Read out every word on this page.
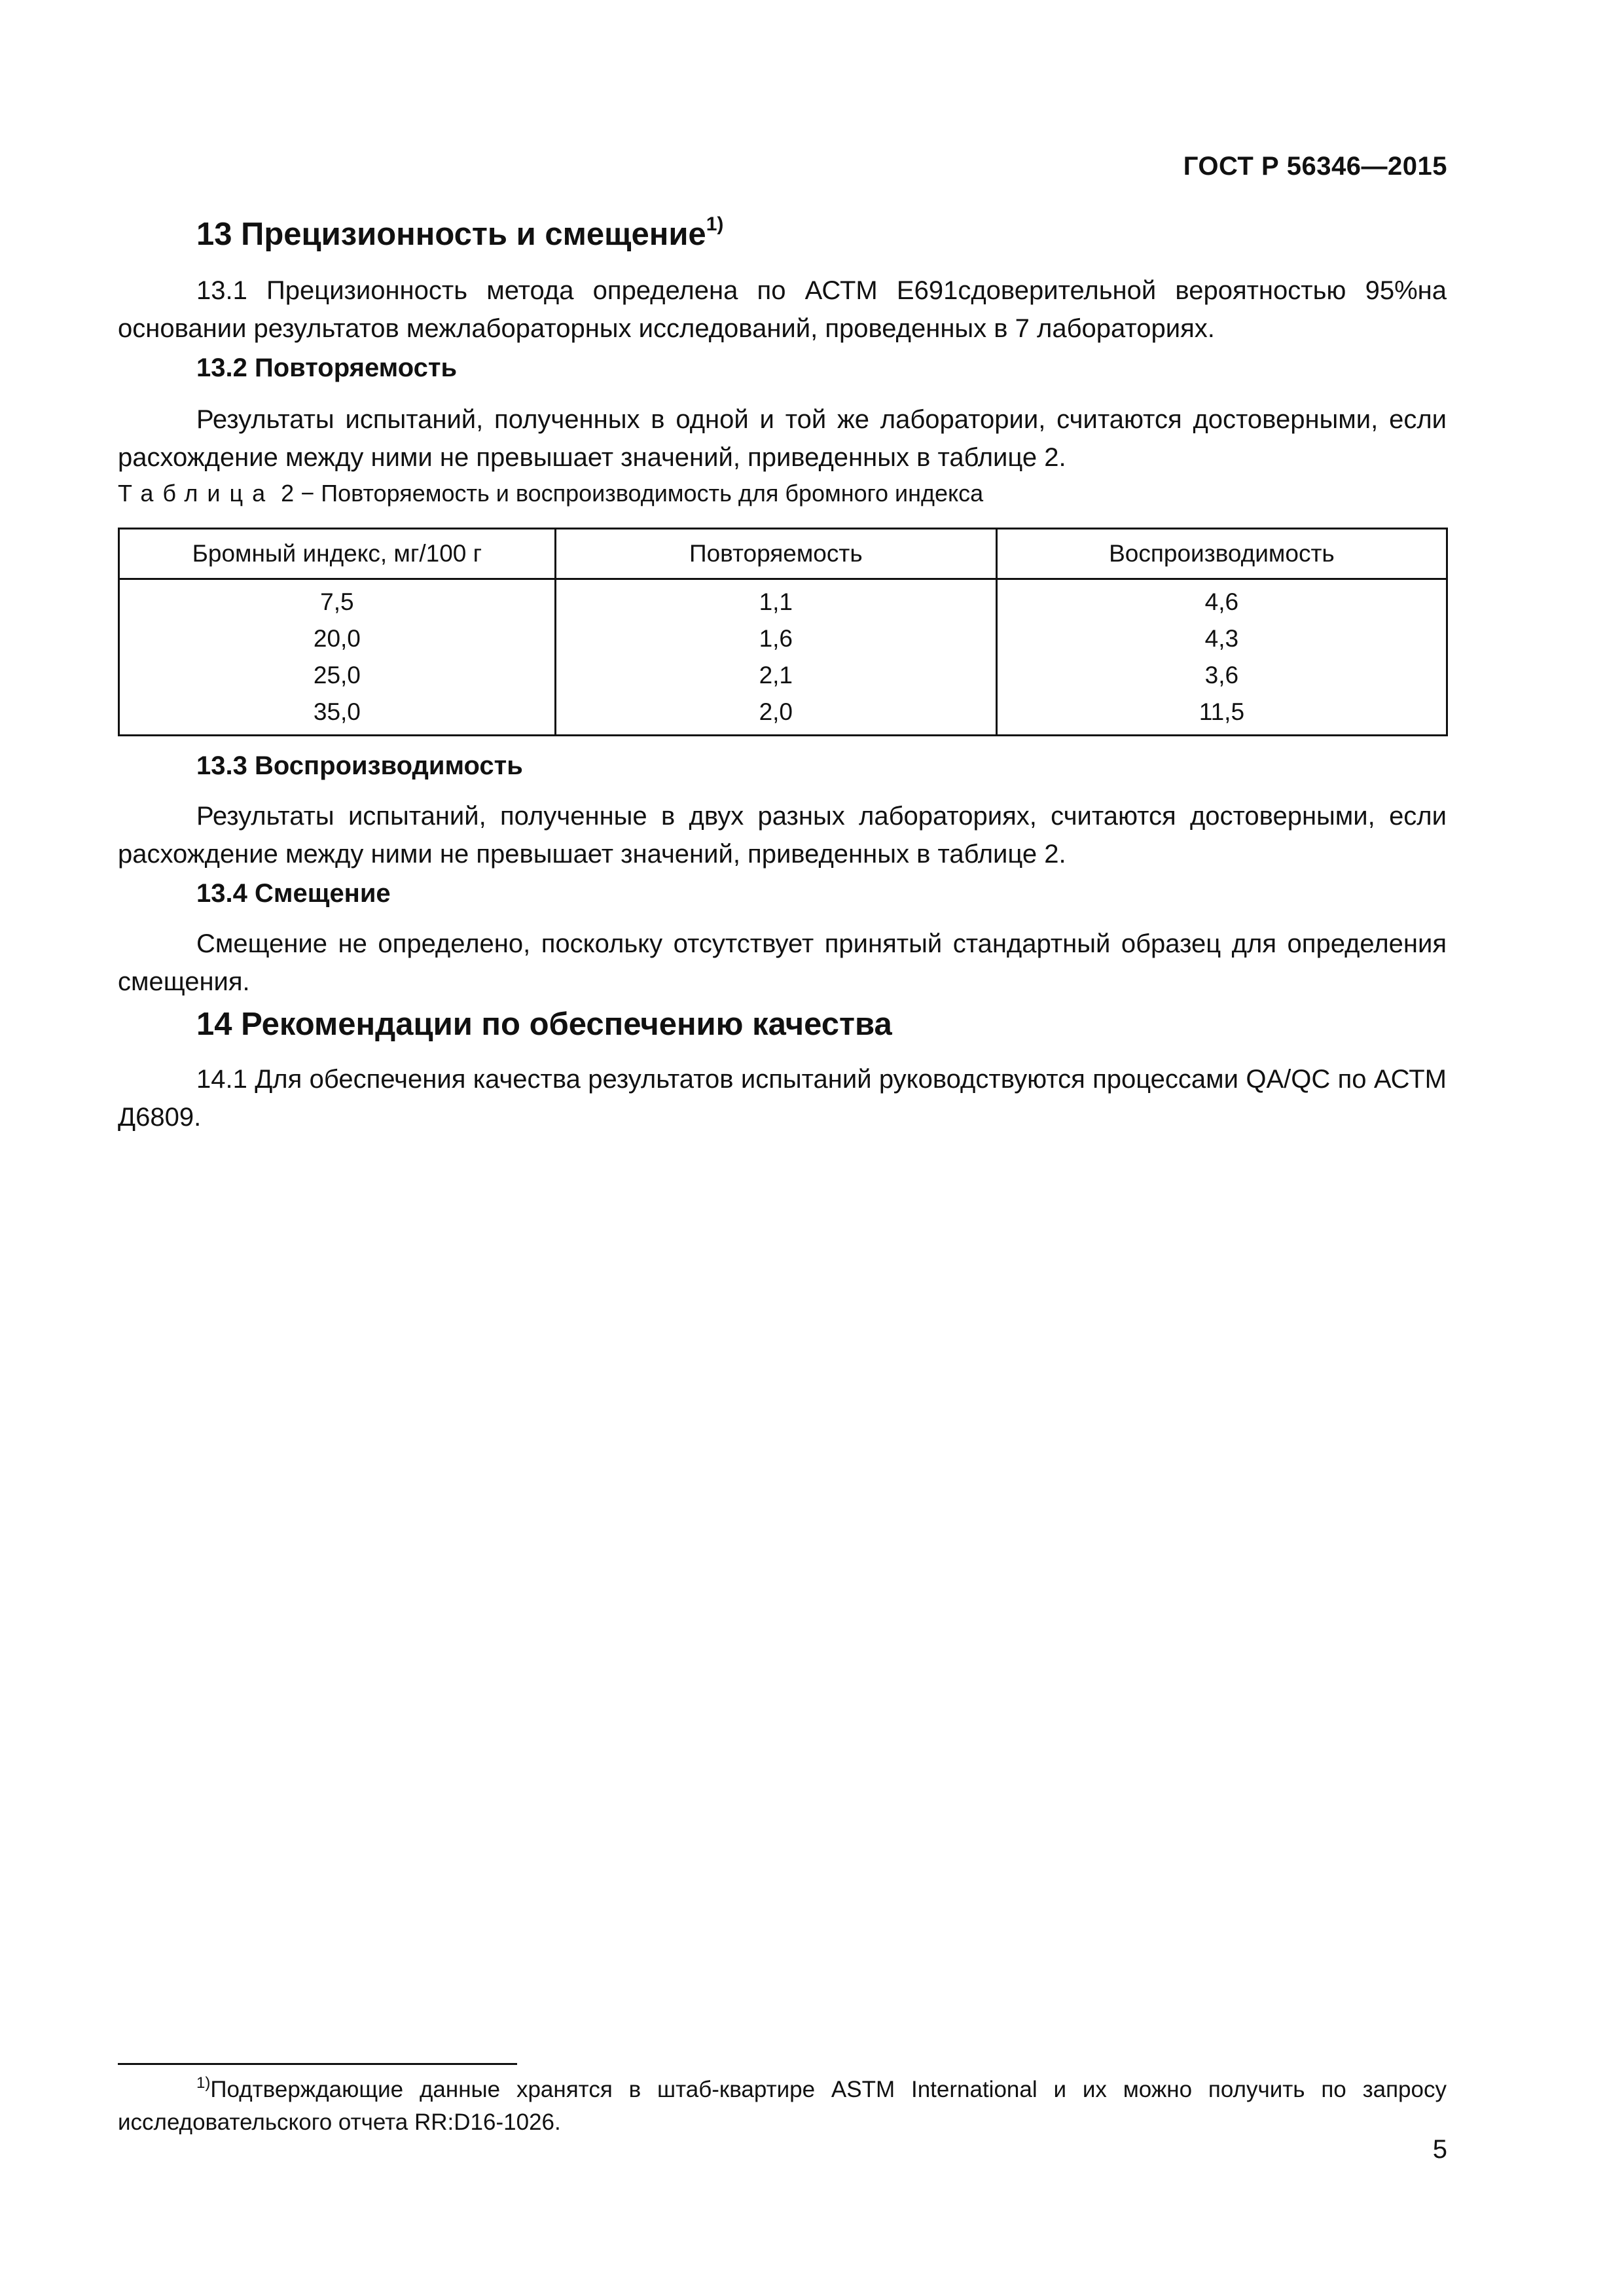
ГОСТ Р 56346—2015
13 Прецизионность и смещение$^{1)}$

13.1 Прецизионность метода определена по АСТМ Е691сдоверительной вероятностью 95%на основании результатов межлабораторных исследований, проведенных в 7 лабораториях.

13.2 Повторяемость

Результаты испытаний, полученных в одной и той же лаборатории, считаются достоверными, если расхождение между ними не превышает значений, приведенных в таблице 2.

Таблица 2 − Повторяемость и воспроизводимость для бромного индекса
Бромный индекс, мг/100 г	Повторяемость	Воспроизводимость
7,5	1,1	4,6
20,0	1,6	4,3
25,0	2,1	3,6
35,0	2,0	11,5
13.3 Воспроизводимость

Результаты испытаний, полученные в двух разных лабораториях, считаются достоверными, если расхождение между ними не превышает значений, приведенных в таблице 2.

13.4 Смещение

Смещение не определено, поскольку отсутствует принятый стандартный образец для определения смещения.

14 Рекомендации по обеспечению качества

14.1 Для обеспечения качества результатов испытаний руководствуются процессами QA/QC по АСТМ Д6809.

$^{1)}$Подтверждающие данные хранятся в штаб-квартире ASTM International и их можно получить по запросу исследовательского отчета RR:D16-1026.

5
